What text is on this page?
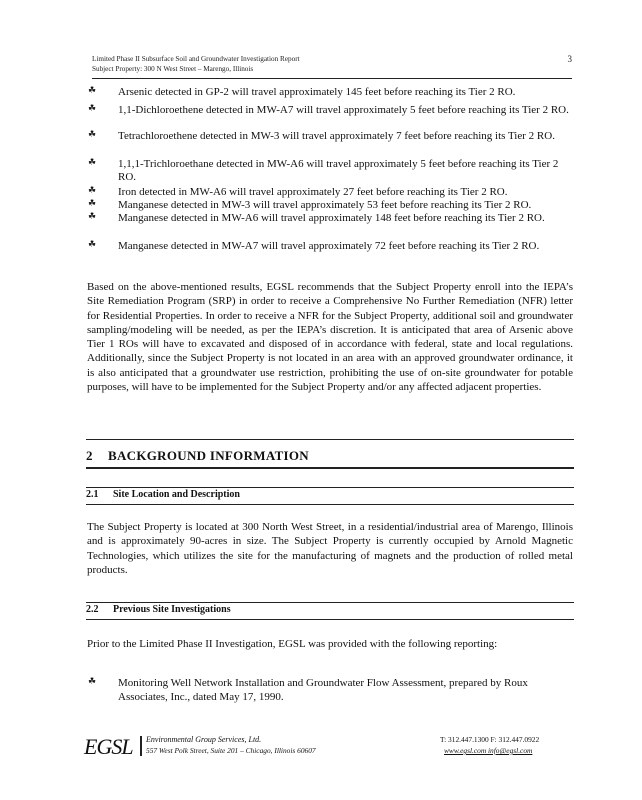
Limited Phase II Subsurface Soil and Groundwater Investigation Report
Subject Property: 300 N West Street – Marengo, Illinois
3
☘ Arsenic detected in GP-2 will travel approximately 145 feet before reaching its Tier 2 RO.
☘ 1,1-Dichloroethene detected in MW-A7 will travel approximately 5 feet before reaching its Tier 2 RO.
☘ Tetrachloroethene detected in MW-3 will travel approximately 7 feet before reaching its Tier 2 RO.
☘ 1,1,1-Trichloroethane detected in MW-A6 will travel approximately 5 feet before reaching its Tier 2 RO.
☘ Iron detected in MW-A6 will travel approximately 27 feet before reaching its Tier 2 RO.
☘ Manganese detected in MW-3 will travel approximately 53 feet before reaching its Tier 2 RO.
☘ Manganese detected in MW-A6 will travel approximately 148 feet before reaching its Tier 2 RO.
☘ Manganese detected in MW-A7 will travel approximately 72 feet before reaching its Tier 2 RO.
Based on the above-mentioned results, EGSL recommends that the Subject Property enroll into the IEPA’s Site Remediation Program (SRP) in order to receive a Comprehensive No Further Remediation (NFR) letter for Residential Properties. In order to receive a NFR for the Subject Property, additional soil and groundwater sampling/modeling will be needed, as per the IEPA’s discretion. It is anticipated that area of Arsenic above Tier 1 ROs will have to excavated and disposed of in accordance with federal, state and local regulations. Additionally, since the Subject Property is not located in an area with an approved groundwater ordinance, it is also anticipated that a groundwater use restriction, prohibiting the use of on-site groundwater for potable purposes, will have to be implemented for the Subject Property and/or any affected adjacent properties.
2 BACKGROUND INFORMATION
2.1 Site Location and Description
The Subject Property is located at 300 North West Street, in a residential/industrial area of Marengo, Illinois and is approximately 90-acres in size. The Subject Property is currently occupied by Arnold Magnetic Technologies, which utilizes the site for the manufacturing of magnets and the production of rolled metal products.
2.2 Previous Site Investigations
Prior to the Limited Phase II Investigation, EGSL was provided with the following reporting:
☘ Monitoring Well Network Installation and Groundwater Flow Assessment, prepared by Roux Associates, Inc., dated May 17, 1990.
EGSL Environmental Group Services, Ltd.
557 West Polk Street, Suite 201 – Chicago, Illinois 60607
T: 312.447.1300 F: 312.447.0922
www.egsl.com info@egsl.com
